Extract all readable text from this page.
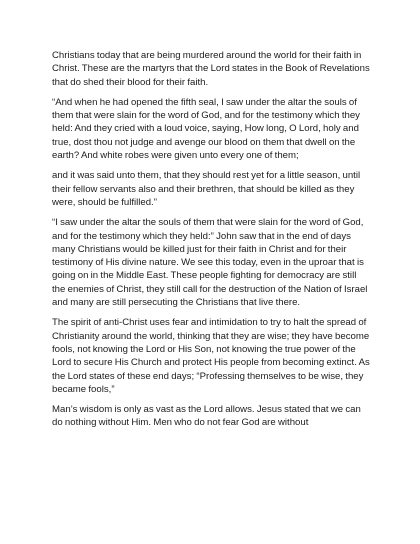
Christians today that are being murdered around the world for their faith in Christ. These are the martyrs that the Lord states in the Book of Revelations that do shed their blood for their faith.

“And when he had opened the fifth seal, I saw under the altar the souls of them that were slain for the word of God, and for the testimony which they held: And they cried with a loud voice, saying, How long, O Lord, holy and true, dost thou not judge and avenge our blood on them that dwell on the earth? And white robes were given unto every one of them;

and it was said unto them, that they should rest yet for a little season, until their fellow servants also and their brethren, that should be killed as they were, should be fulfilled.”

“I saw under the altar the souls of them that were slain for the word of God, and for the testimony which they held:” John saw that in the end of days many Christians would be killed just for their faith in Christ and for their testimony of His divine nature. We see this today, even in the uproar that is going on in the Middle East. These people fighting for democracy are still the enemies of Christ, they still call for the destruction of the Nation of Israel and many are still persecuting the Christians that live there.

The spirit of anti-Christ uses fear and intimidation to try to halt the spread of Christianity around the world, thinking that they are wise; they have become fools, not knowing the Lord or His Son, not knowing the true power of the Lord to secure His Church and protect His people from becoming extinct. As the Lord states of these end days; “Professing themselves to be wise, they became fools,”

Man’s wisdom is only as vast as the Lord allows. Jesus stated that we can do nothing without Him. Men who do not fear God are without
